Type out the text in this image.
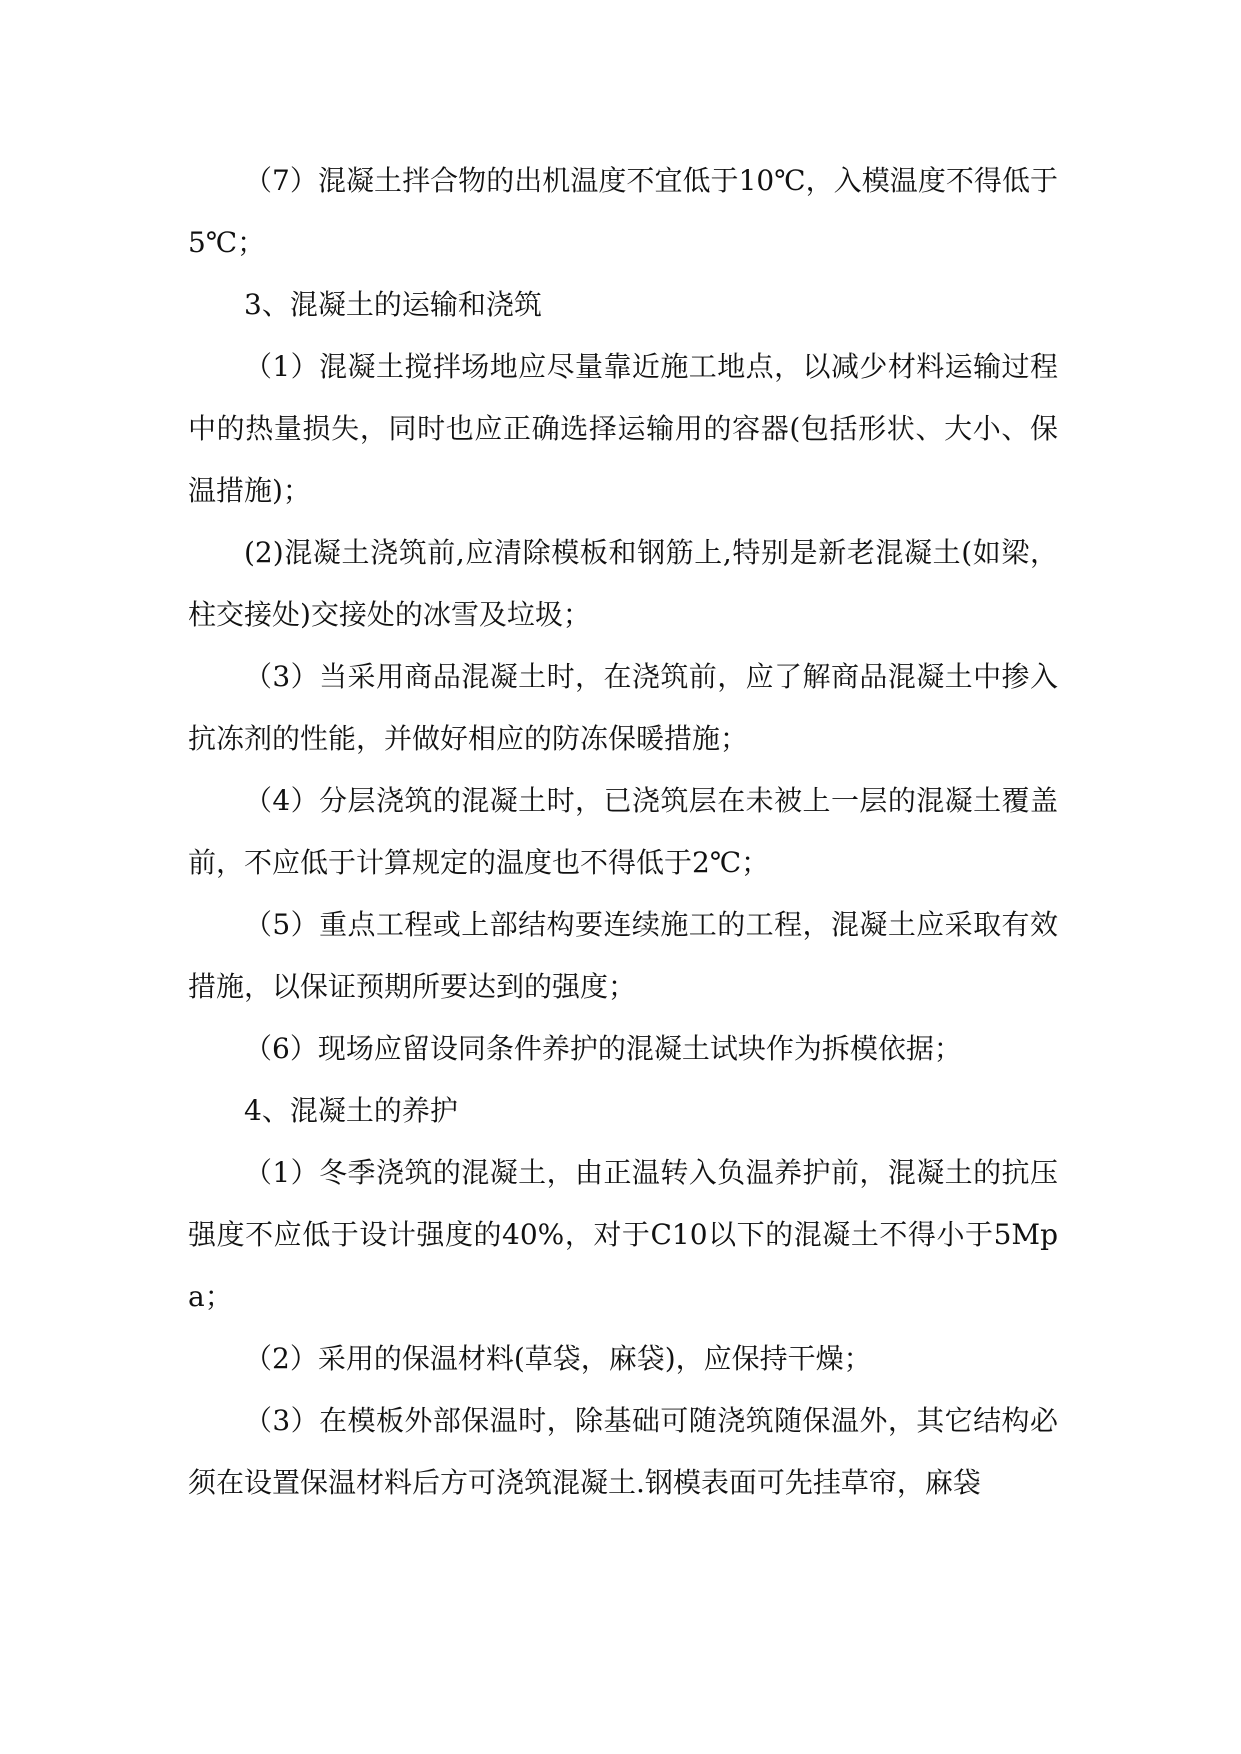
（7）混凝土拌合物的出机温度不宜低于10℃，入模温度不得低于5℃；

3、混凝土的运输和浇筑

（1）混凝土搅拌场地应尽量靠近施工地点，以减少材料运输过程中的热量损失，同时也应正确选择运输用的容器(包括形状、大小、保温措施)；

(2)混凝土浇筑前,应清除模板和钢筋上,特别是新老混凝土(如梁，柱交接处)交接处的冰雪及垃圾；

（3）当采用商品混凝土时，在浇筑前，应了解商品混凝土中掺入抗冻剂的性能，并做好相应的防冻保暖措施；

（4）分层浇筑的混凝土时，已浇筑层在未被上一层的混凝土覆盖前，不应低于计算规定的温度也不得低于2℃；

（5）重点工程或上部结构要连续施工的工程，混凝土应采取有效措施，以保证预期所要达到的强度；

（6）现场应留设同条件养护的混凝土试块作为拆模依据；

4、混凝土的养护

（1）冬季浇筑的混凝土，由正温转入负温养护前，混凝土的抗压强度不应低于设计强度的40%，对于C10以下的混凝土不得小于5Mpa；

（2）采用的保温材料(草袋，麻袋)，应保持干燥；

（3）在模板外部保温时，除基础可随浇筑随保温外，其它结构必须在设置保温材料后方可浇筑混凝土.钢模表面可先挂草帘，麻袋
